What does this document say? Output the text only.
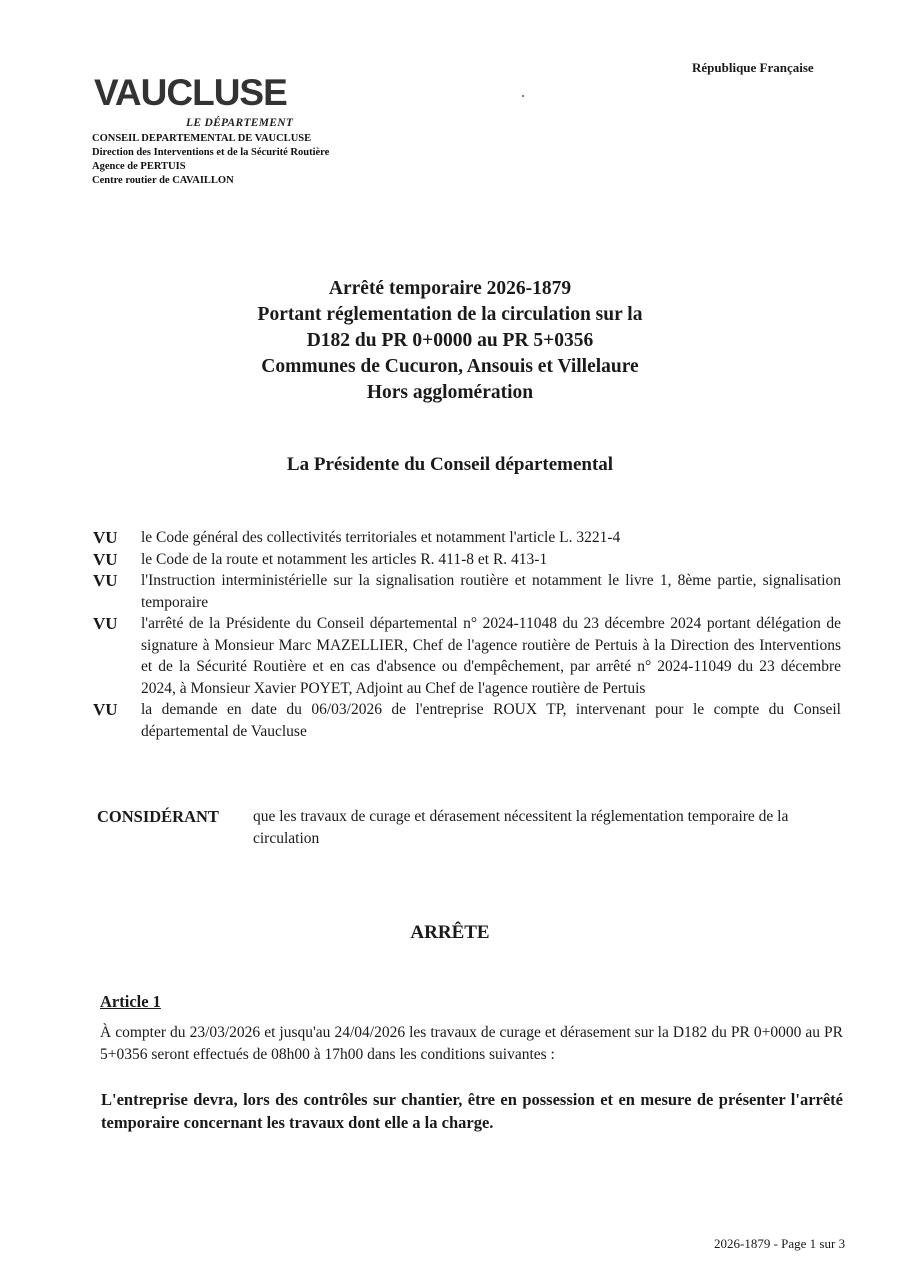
VAUCLUSE
LE DÉPARTEMENT
CONSEIL DEPARTEMENTAL DE VAUCLUSE
Direction des Interventions et de la Sécurité Routière
Agence de PERTUIS
Centre routier de CAVAILLON
République Française
Arrêté temporaire 2026-1879
Portant réglementation de la circulation sur la
D182 du PR 0+0000 au PR 5+0356
Communes de Cucuron, Ansouis et Villelaure
Hors agglomération
La Présidente du Conseil départemental
VU	le Code général des collectivités territoriales et notamment l'article L. 3221-4
VU	le Code de la route et notamment les articles R. 411-8 et R. 413-1
VU	l'Instruction interministérielle sur la signalisation routière et notamment le livre 1, 8ème partie, signalisation temporaire
VU	l'arrêté de la Présidente du Conseil départemental n° 2024-11048 du 23 décembre 2024 portant délégation de signature à Monsieur Marc MAZELLIER, Chef de l'agence routière de Pertuis à la Direction des Interventions et de la Sécurité Routière et en cas d'absence ou d'empêchement, par arrêté n° 2024-11049 du 23 décembre 2024, à Monsieur Xavier POYET, Adjoint au Chef de l'agence routière de Pertuis
VU	la demande en date du 06/03/2026 de l'entreprise ROUX TP, intervenant pour le compte du Conseil départemental de Vaucluse
CONSIDÉRANT	que les travaux de curage et dérasement nécessitent la réglementation temporaire de la circulation
ARRÊTE
Article 1
À compter du 23/03/2026 et jusqu'au 24/04/2026 les travaux de curage et dérasement sur la D182 du PR 0+0000 au PR 5+0356 seront effectués de 08h00 à 17h00 dans les conditions suivantes :
L'entreprise devra, lors des contrôles sur chantier, être en possession et en mesure de présenter l'arrêté temporaire concernant les travaux dont elle a la charge.
2026-1879 - Page 1 sur 3
